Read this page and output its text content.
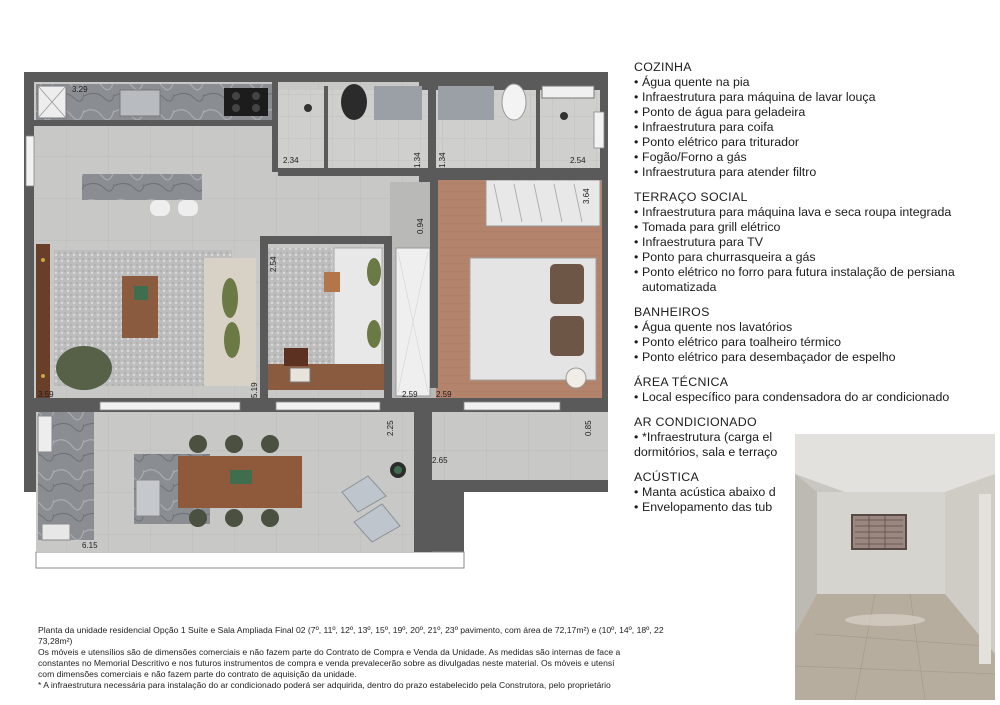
3.29
2.34	1.34 1.34	2.54
3.64
0.94
2.54
3.59	5.19	2.59 2.59
2.25	0.85
2.65
6.15
COZINHA
• Água quente na pia
• Infraestrutura para máquina de lavar louça
• Ponto de água para geladeira
• Infraestrutura para coifa
• Ponto elétrico para triturador
• Fogão/Forno a gás
• Infraestrutura para atender filtro
TERRAÇO SOCIAL
• Infraestrutura para máquina lava e seca roupa integrada
• Tomada para grill elétrico
• Infraestrutura para TV
• Ponto para churrasqueira a gás
• Ponto elétrico no forro para futura instalação de persiana automatizada
BANHEIROS
• Água quente nos lavatórios
• Ponto elétrico para toalheiro térmico
• Ponto elétrico para desembaçador de espelho
ÁREA TÉCNICA
• Local específico para condensadora do ar condicionado
AR CONDICIONADO
• *Infraestrutura (carga el
dormitórios, sala e terraço
ACÚSTICA
• Manta acústica abaixo d
• Envelopamento das tub

Planta da unidade residencial Opção 1 Suíte e Sala Ampliada Final 02 (7º, 11º, 12º, 13º, 15º, 19º, 20º, 21º, 23º pavimento, com área de 72,17m²) e (10º, 14º, 18º, 22

73,28m²)

Os móveis e utensílios são de dimensões comerciais e não fazem parte do Contrato de Compra e Venda da Unidade. As medidas são internas de face a

constantes no Memorial Descritivo e nos futuros instrumentos de compra e venda prevalecerão sobre as divulgadas neste material. Os móveis e utensí

com dimensões comerciais e não fazem parte do contrato de aquisição da unidade.

* A infraestrutura necessária para instalação do ar condicionado poderá ser adquirida, dentro do prazo estabelecido pela Construtora, pelo proprietário
